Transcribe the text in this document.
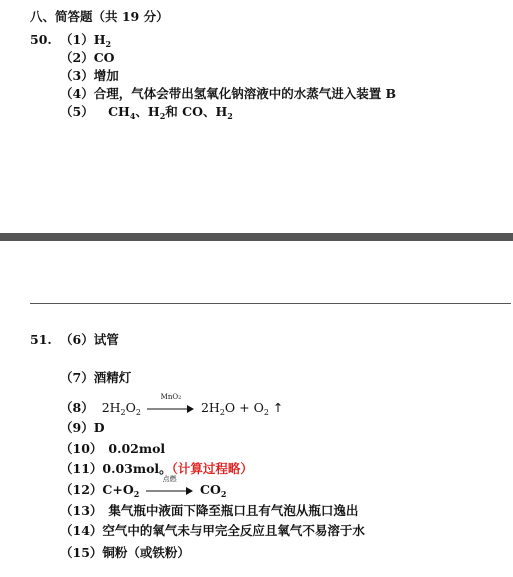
八、简答题（共 19 分）
50. $(1)H_2$
（2）CO
（3）增加
（4）合理，气体会带出氢氧化钠溶液中的水蒸气进入装置 B
（5） $CH_4$、$H_2$和 CO、$H_2$
51. （6）试管
（7）酒精灯
（8） $2H_2O_2$
MnO2
$2H_2O + O_2$ ↑
（9）D
（10） 0.02mol
（11）0.03mol。（计算过程略）
$(12)C+O_2$
点燃
$CO_2$
（13） 集气瓶中液面下降至瓶口且有气泡从瓶口逸出
（14）空气中的氧气未与甲完全反应且氧气不易溶于水
（15）铜粉（或铁粉）
